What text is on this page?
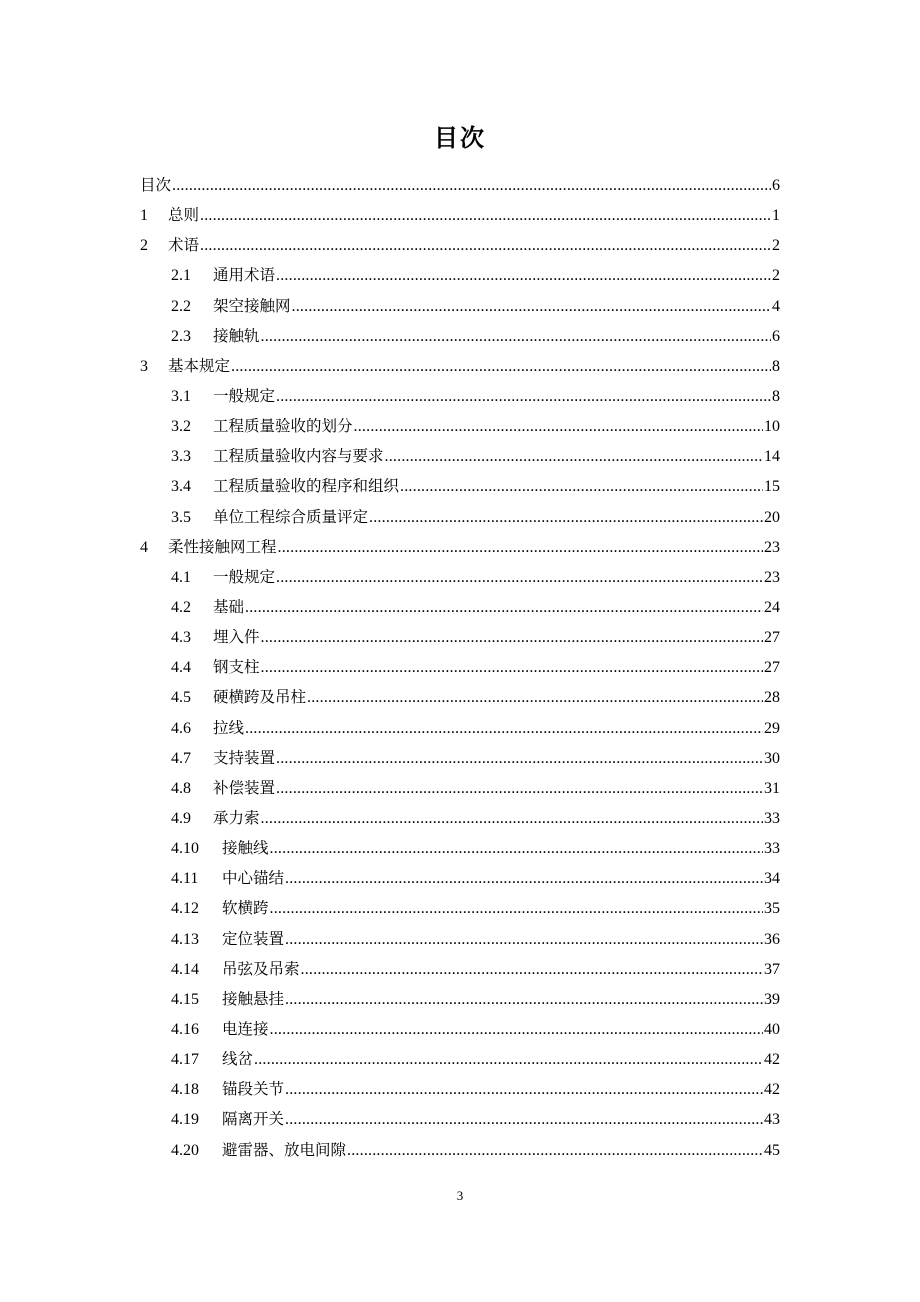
目次
目次 .....	6
1	总则 .....	1
2	术语 .....	2
2.1	通用术语 .....	2
2.2	架空接触网 .....	4
2.3	接触轨 .....	6
3	基本规定 .....	8
3.1	一般规定 .....	8
3.2	工程质量验收的划分 .....	10
3.3	工程质量验收内容与要求 .....	14
3.4	工程质量验收的程序和组织 .....	15
3.5	单位工程综合质量评定 .....	20
4	柔性接触网工程 .....	23
4.1	一般规定 .....	23
4.2	基础 .....	24
4.3	埋入件 .....	27
4.4	钢支柱 .....	27
4.5	硬横跨及吊柱 .....	28
4.6	拉线 .....	29
4.7	支持装置 .....	30
4.8	补偿装置 .....	31
4.9	承力索 .....	33
4.10	接触线 .....	33
4.11	中心锚结 .....	34
4.12	软横跨 .....	35
4.13	定位装置 .....	36
4.14	吊弦及吊索 .....	37
4.15	接触悬挂 .....	39
4.16	电连接 .....	40
4.17	线岔 .....	42
4.18	锚段关节 .....	42
4.19	隔离开关 .....	43
4.20	避雷器、放电间隙 .....	45
3
